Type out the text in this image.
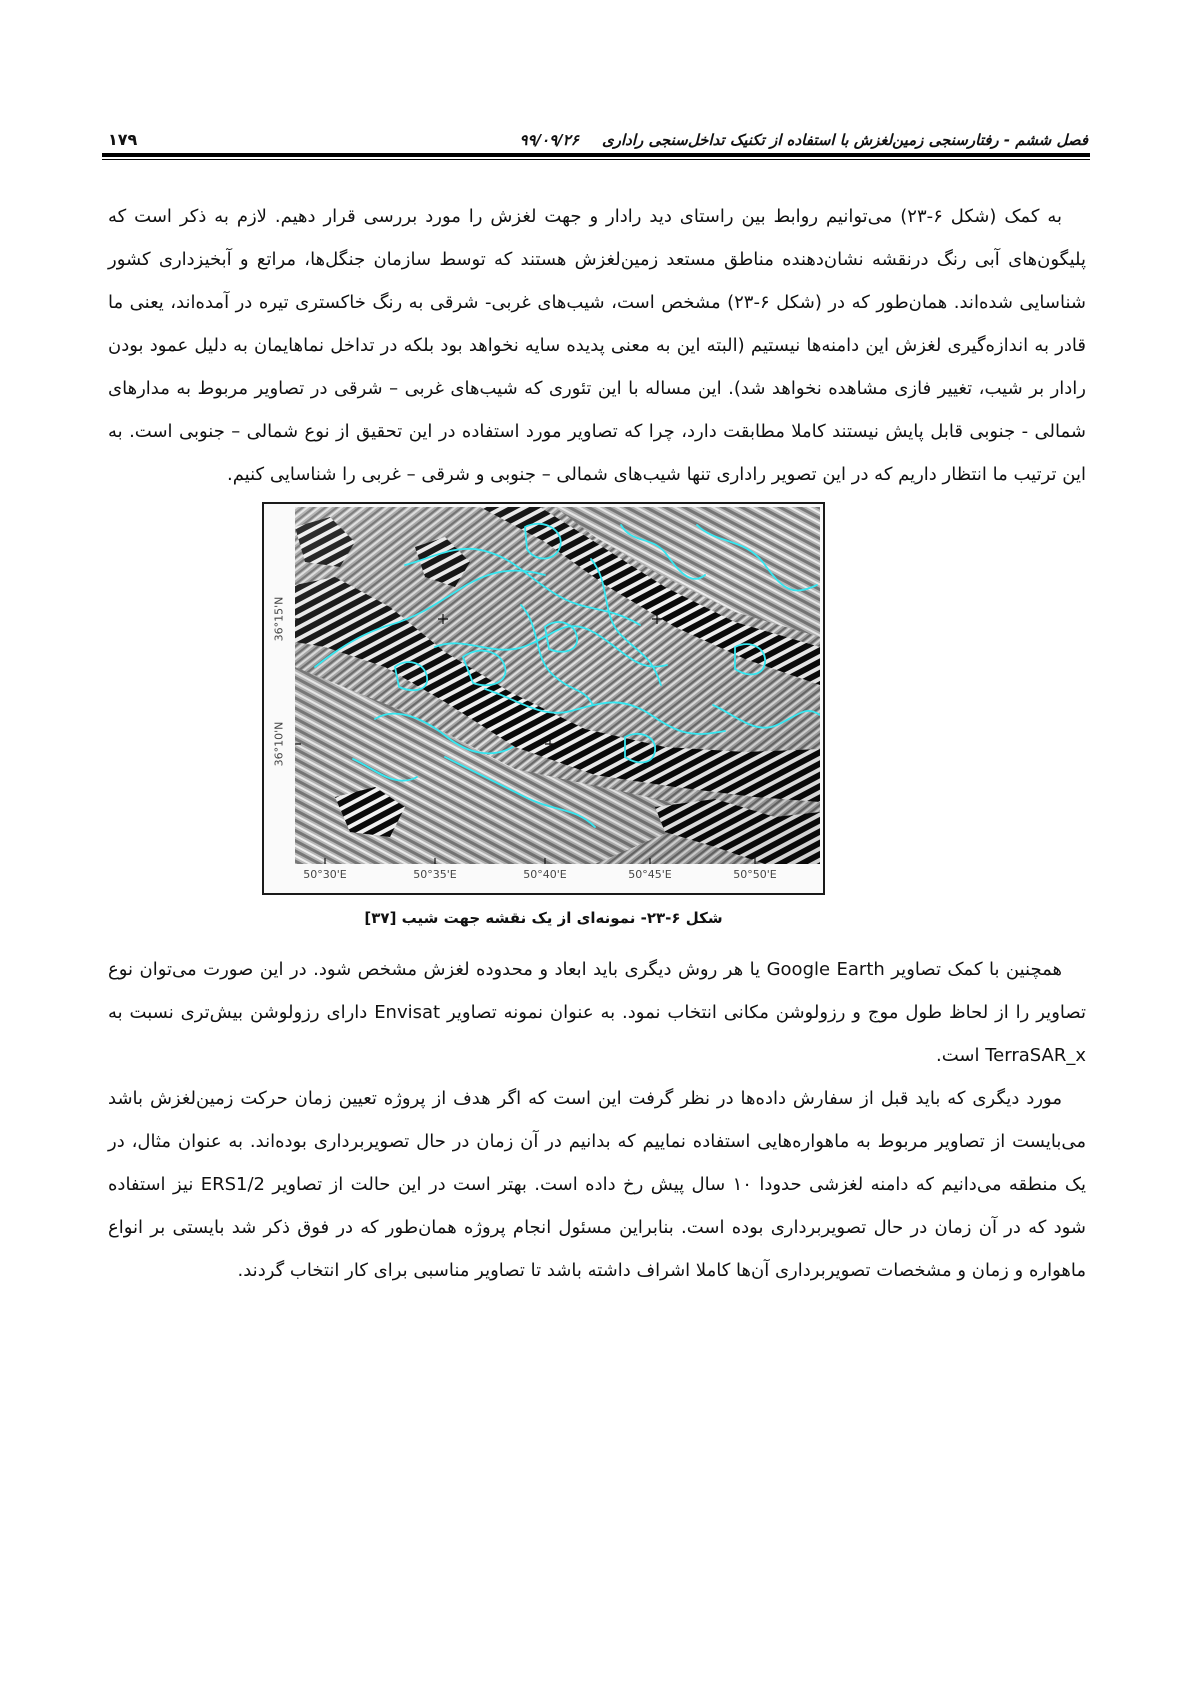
فصل ششم - رفتارسنجی زمین‌لغزش با استفاده از تکنیک تداخل‌سنجی راداری ۹۹/۰۹/۲۶
۱۷۹

به کمک (شکل ۶-۲۳) می‌توانیم روابط بین راستای دید رادار و جهت لغزش را مورد بررسی قرار دهیم. لازم به ذکر است که پلیگون‌های آبی رنگ درنقشه نشان‌دهنده مناطق مستعد زمین‌لغزش هستند که توسط سازمان جنگل‌ها، مراتع و آبخیزداری کشور شناسایی شده‌اند. همان‌طور که در (شکل ۶-۲۳) مشخص است، شیب‌های غربی- شرقی به رنگ خاکستری تیره در آمده‌اند، یعنی ما قادر به اندازه‌گیری لغزش این دامنه‌ها نیستیم (البته این به معنی پدیده سایه نخواهد بود بلکه در تداخل نماهایمان به دلیل عمود بودن رادار بر شیب، تغییر فازی مشاهده نخواهد شد). این مساله با این تئوری که شیب‌های غربی – شرقی در تصاویر مربوط به مدارهای شمالی - جنوبی قابل پایش نیستند کاملا مطابقت دارد، چرا که تصاویر مورد استفاده در این تحقیق از نوع شمالی – جنوبی است. به این ترتیب ما انتظار داریم که در این تصویر راداری تنها شیب‌های شمالی – جنوبی و شرقی – غربی را شناسایی کنیم.

36°15'N
36°10'N
50°30'E	50°35'E	50°40'E	50°45'E	50°50'E
شکل ۶-۲۳- نمونه‌ای از یک نقشه جهت شیب [۳۷]

همچنین با کمک تصاویر Google Earth یا هر روش دیگری باید ابعاد و محدوده لغزش مشخص شود. در این صورت می‌توان نوع تصاویر را از لحاظ طول موج و رزولوشن مکانی انتخاب نمود. به عنوان نمونه تصاویر Envisat دارای رزولوشن بیش‌تری نسبت به TerraSAR_x است.

مورد دیگری که باید قبل از سفارش داده‌ها در نظر گرفت این است که اگر هدف از پروژه تعیین زمان حرکت زمین‌لغزش باشد می‌بایست از تصاویر مربوط به ماهواره‌هایی استفاده نماییم که بدانیم در آن زمان در حال تصویربرداری بوده‌اند. به عنوان مثال، در یک منطقه می‌دانیم که دامنه لغزشی حدودا ۱۰ سال پیش رخ داده است. بهتر است در این حالت از تصاویر ERS1/2 نیز استفاده شود که در آن زمان در حال تصویربرداری بوده است. بنابراین مسئول انجام پروژه همان‌طور که در فوق ذکر شد بایستی بر انواع ماهواره و زمان و مشخصات تصویربرداری آن‌ها کاملا اشراف داشته باشد تا تصاویر مناسبی برای کار انتخاب گردند.
